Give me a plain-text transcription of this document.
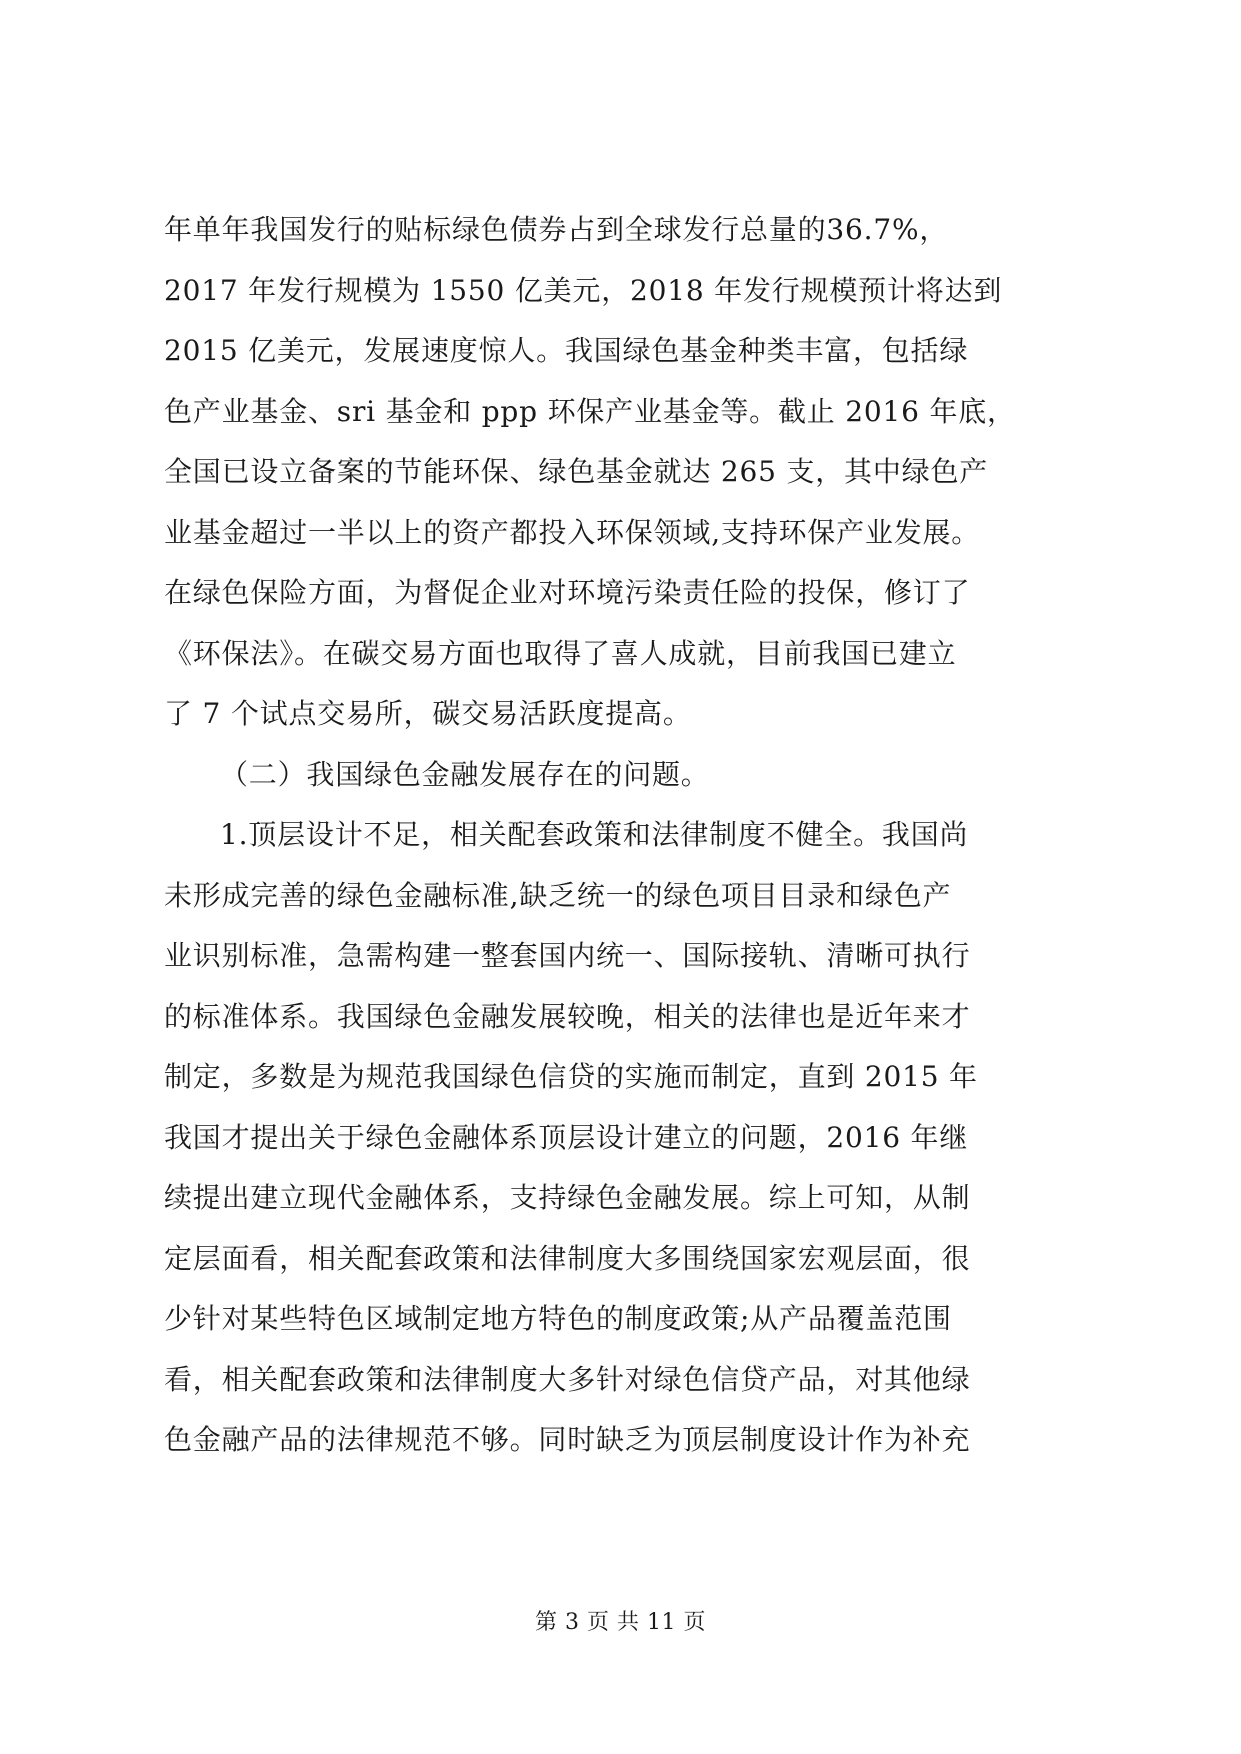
年单年我国发行的贴标绿色债券占到全球发行总量的36.7%，
2017 年发行规模为 1550 亿美元，2018 年发行规模预计将达到
2015 亿美元，发展速度惊人。我国绿色基金种类丰富，包括绿
色产业基金、sri 基金和 ppp 环保产业基金等。截止 2016 年底，
全国已设立备案的节能环保、绿色基金就达 265 支，其中绿色产
业基金超过一半以上的资产都投入环保领域,支持环保产业发展。
在绿色保险方面，为督促企业对环境污染责任险的投保，修订了
《环保法》。在碳交易方面也取得了喜人成就，目前我国已建立
了 7 个试点交易所，碳交易活跃度提高。
（二）我国绿色金融发展存在的问题。
1.顶层设计不足，相关配套政策和法律制度不健全。我国尚
未形成完善的绿色金融标准,缺乏统一的绿色项目目录和绿色产
业识别标准，急需构建一整套国内统一、国际接轨、清晰可执行
的标准体系。我国绿色金融发展较晚，相关的法律也是近年来才
制定，多数是为规范我国绿色信贷的实施而制定，直到 2015 年
我国才提出关于绿色金融体系顶层设计建立的问题，2016 年继
续提出建立现代金融体系，支持绿色金融发展。综上可知，从制
定层面看，相关配套政策和法律制度大多围绕国家宏观层面，很
少针对某些特色区域制定地方特色的制度政策;从产品覆盖范围
看，相关配套政策和法律制度大多针对绿色信贷产品，对其他绿
色金融产品的法律规范不够。同时缺乏为顶层制度设计作为补充
第 3 页 共 11 页
